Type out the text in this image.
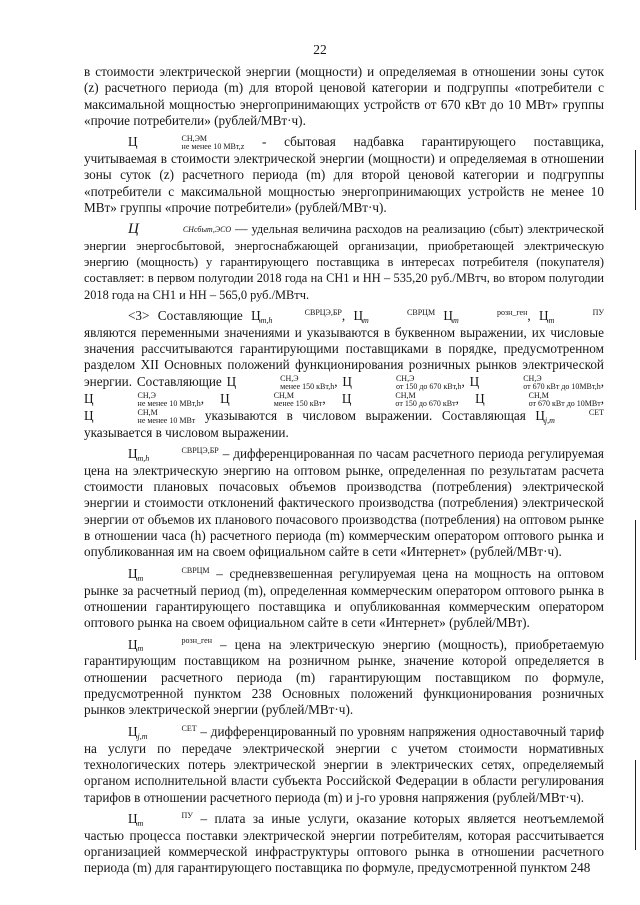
22

в стоимости электрической энергии (мощности) и определяемая в отношении зоны суток (z) расчетного периода (m) для второй ценовой категории и подгруппы «потребители с максимальной мощностью энергопринимающих устройств от 670 кВт до 10 МВт» группы «прочие потребители» (рублей/МВт·ч).

Ц	СН,ЭМ
не менее 10 МВт,z - сбытовая надбавка гарантирующего поставщика, учитываемая в стоимости электрической энергии (мощности) и определяемая в отношении зоны суток (z) расчетного периода (m) для второй ценовой категории и подгруппы «потребители с максимальной мощностью энергопринимающих устройств не менее 10 МВт» группы «прочие потребители» (рублей/МВт·ч).

Ц	CHсбыт,ЭСО — удельная величина расходов на реализацию (сбыт) электрической энергии энергосбытовой, энергоснабжающей организации, приобретающей электрическую энергию (мощность) у гарантирующего поставщика в интересах потребителя (покупателя) составляет: в первом полугодии 2018 года на СН1 и НН – 535,20 руб./МВтч, во втором полугодии 2018 года на СН1 и НН – 565,0 руб./МВтч.

<3> Составляющие Ц	СВРЦЭ,БР
m,h	, Ц	СВРЦМ
m	Ц	розн_ген
m	, Ц	ПУ
m являются переменными значениями и указываются в буквенном выражении, их числовые значения рассчитываются гарантирующими поставщиками в порядке, предусмотренном разделом XII Основных положений функционирования розничных рынков электрической энергии. Составляющие Ц	СН,Э
менее 150 кВт,h , Ц	СН,Э
от 150 до 670 кВт,h , Ц	СН,Э
от 670 кВт до 10МВт,h , Ц	СН,Э
не менее 10 МВт,h , Ц	СН,М
менее 150 кВт , Ц	СН,М
от 150 до 670 кВт , Ц	СН,М
от 670 кВт до 10МВт , Ц	СН,М
не менее 10 МВт указываются в числовом выражении. Составляющая Ц	СЕТ
j,m указывается в числовом выражении.

Ц	СВРЦЭ,БР
m,h	– дифференцированная по часам расчетного периода регулируемая цена на электрическую энергию на оптовом рынке, определенная по результатам расчета стоимости плановых почасовых объемов производства (потребления) электрической энергии и стоимости отклонений фактического производства (потребления) электрической энергии от объемов их планового почасового производства (потребления) на оптовом рынке в отношении часа (h) расчетного периода (m) коммерческим оператором оптового рынка и опубликованная им на своем официальном сайте в сети «Интернет» (рублей/МВт·ч).

Ц	СВРЦМ
m	– средневзвешенная регулируемая цена на мощность на оптовом рынке за расчетный период (m), определенная коммерческим оператором оптового рынка в отношении гарантирующего поставщика и опубликованная коммерческим оператором оптового рынка на своем официальном сайте в сети «Интернет» (рублей/МВт).

Ц	розн_ген
m	– цена на электрическую энергию (мощность), приобретаемую гарантирующим поставщиком на розничном рынке, значение которой определяется в отношении расчетного периода (m) гарантирующим поставщиком по формуле, предусмотренной пунктом 238 Основных положений функционирования розничных рынков электрической энергии (рублей/МВт·ч).

Ц	СЕТ
j,m	– дифференцированный по уровням напряжения одноставочный тариф на услуги по передаче электрической энергии с учетом стоимости нормативных технологических потерь электрической энергии в электрических сетях, определяемый органом исполнительной власти субъекта Российской Федерации в области регулирования тарифов в отношении расчетного периода (m) и j-го уровня напряжения (рублей/МВт·ч).

Ц	ПУ
m	– плата за иные услуги, оказание которых является неотъемлемой частью процесса поставки электрической энергии потребителям, которая рассчитывается организацией коммерческой инфраструктуры оптового рынка в отношении расчетного периода (m) для гарантирующего поставщика по формуле, предусмотренной пунктом 248
